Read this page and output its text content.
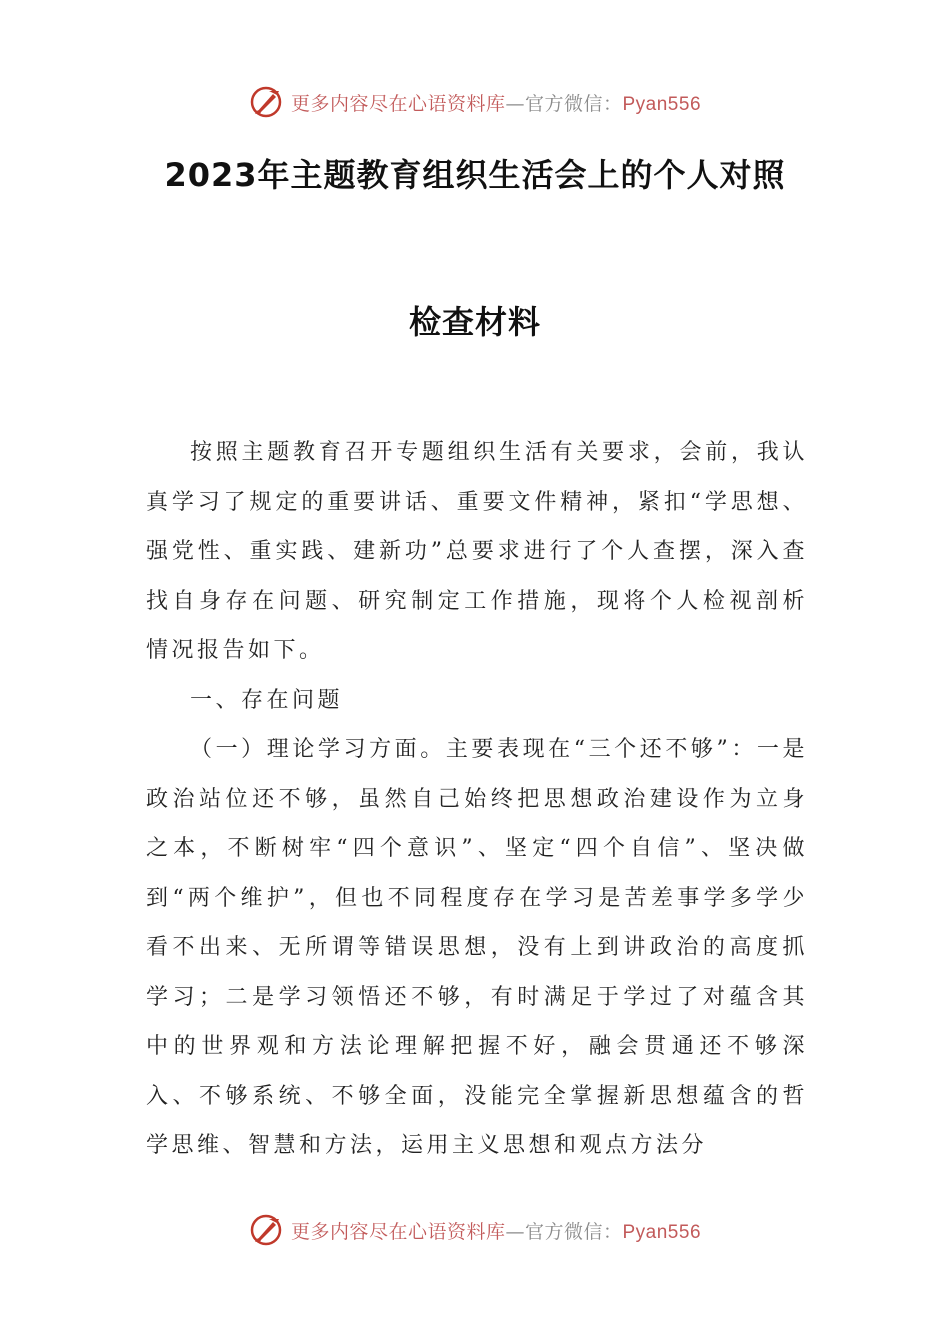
更多内容尽在心语资料库—官方微信：Pyan556
2023年主题教育组织生活会上的个人对照
检查材料

按照主题教育召开专题组织生活有关要求，会前，我认真学习了规定的重要讲话、重要文件精神，紧扣“学思想、强党性、重实践、建新功”总要求进行了个人查摆，深入查找自身存在问题、研究制定工作措施，现将个人检视剖析情况报告如下。

一、存在问题

（一）理论学习方面。主要表现在“三个还不够”：一是政治站位还不够，虽然自己始终把思想政治建设作为立身之本，不断树牢“四个意识”、坚定“四个自信”、坚决做到“两个维护”，但也不同程度存在学习是苦差事学多学少看不出来、无所谓等错误思想，没有上到讲政治的高度抓学习；二是学习领悟还不够，有时满足于学过了对蕴含其中的世界观和方法论理解把握不好，融会贯通还不够深入、不够系统、不够全面，没能完全掌握新思想蕴含的哲学思维、智慧和方法，运用主义思想和观点方法分

更多内容尽在心语资料库—官方微信：Pyan556
